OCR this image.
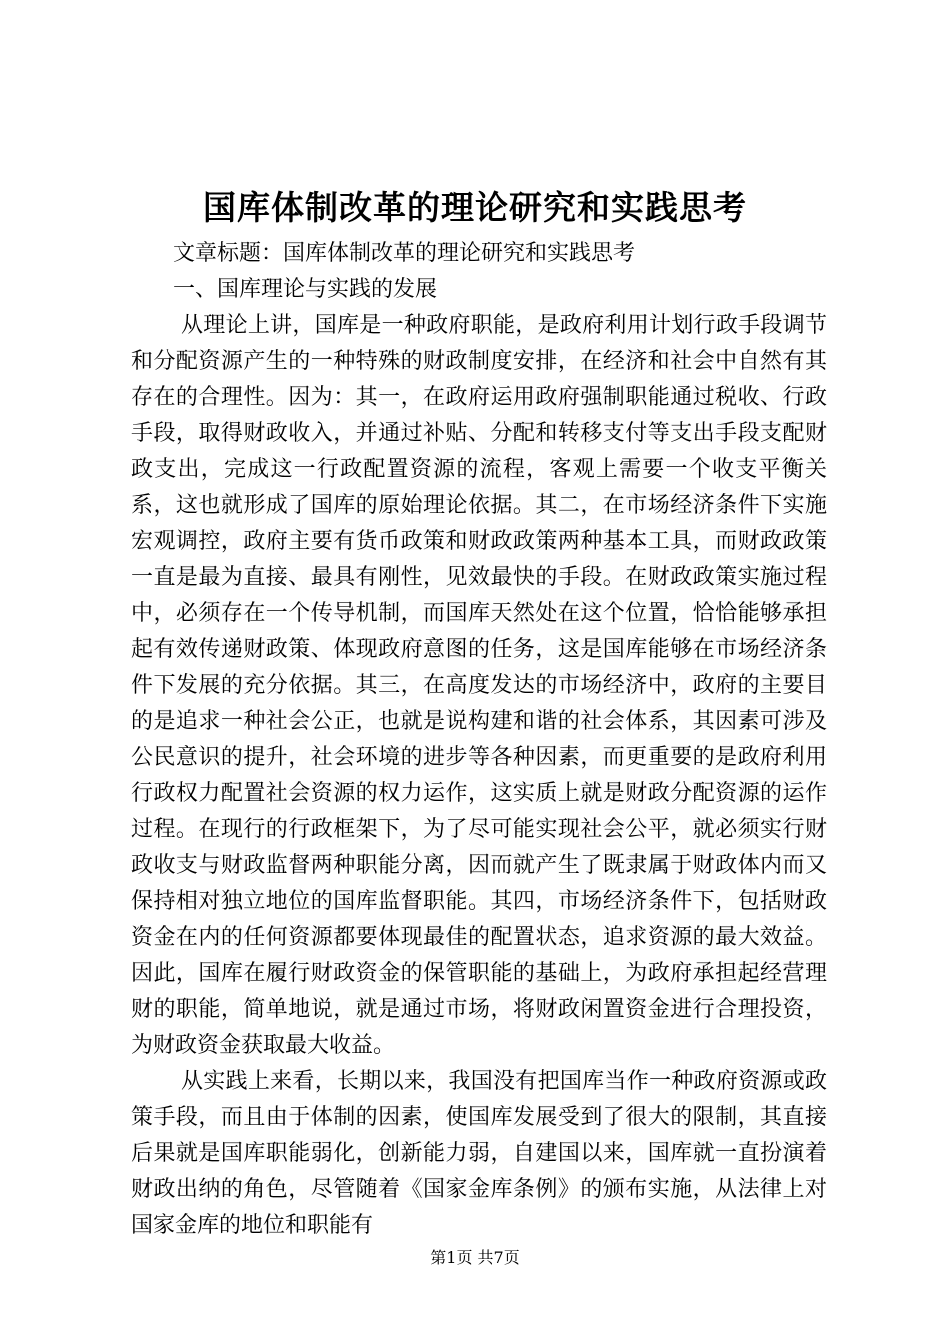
国库体制改革的理论研究和实践思考

文章标题：国库体制改革的理论研究和实践思考

一、国库理论与实践的发展

从理论上讲，国库是一种政府职能，是政府利用计划行政手段调节和分配资源产生的一种特殊的财政制度安排，在经济和社会中自然有其存在的合理性。因为：其一，在政府运用政府强制职能通过税收、行政手段，取得财政收入，并通过补贴、分配和转移支付等支出手段支配财政支出，完成这一行政配置资源的流程，客观上需要一个收支平衡关系，这也就形成了国库的原始理论依据。其二，在市场经济条件下实施宏观调控，政府主要有货币政策和财政政策两种基本工具，而财政政策一直是最为直接、最具有刚性，见效最快的手段。在财政政策实施过程中，必须存在一个传导机制，而国库天然处在这个位置，恰恰能够承担起有效传递财政策、体现政府意图的任务，这是国库能够在市场经济条件下发展的充分依据。其三，在高度发达的市场经济中，政府的主要目的是追求一种社会公正，也就是说构建和谐的社会体系，其因素可涉及公民意识的提升，社会环境的进步等各种因素，而更重要的是政府利用行政权力配置社会资源的权力运作，这实质上就是财政分配资源的运作过程。在现行的行政框架下，为了尽可能实现社会公平，就必须实行财政收支与财政监督两种职能分离，因而就产生了既隶属于财政体内而又保持相对独立地位的国库监督职能。其四，市场经济条件下，包括财政资金在内的任何资源都要体现最佳的配置状态，追求资源的最大效益。因此，国库在履行财政资金的保管职能的基础上，为政府承担起经营理财的职能，简单地说，就是通过市场，将财政闲置资金进行合理投资，为财政资金获取最大收益。

从实践上来看，长期以来，我国没有把国库当作一种政府资源或政策手段，而且由于体制的因素，使国库发展受到了很大的限制，其直接后果就是国库职能弱化，创新能力弱，自建国以来，国库就一直扮演着财政出纳的角色，尽管随着《国家金库条例》的颁布实施，从法律上对国家金库的地位和职能有

第1页 共7页
